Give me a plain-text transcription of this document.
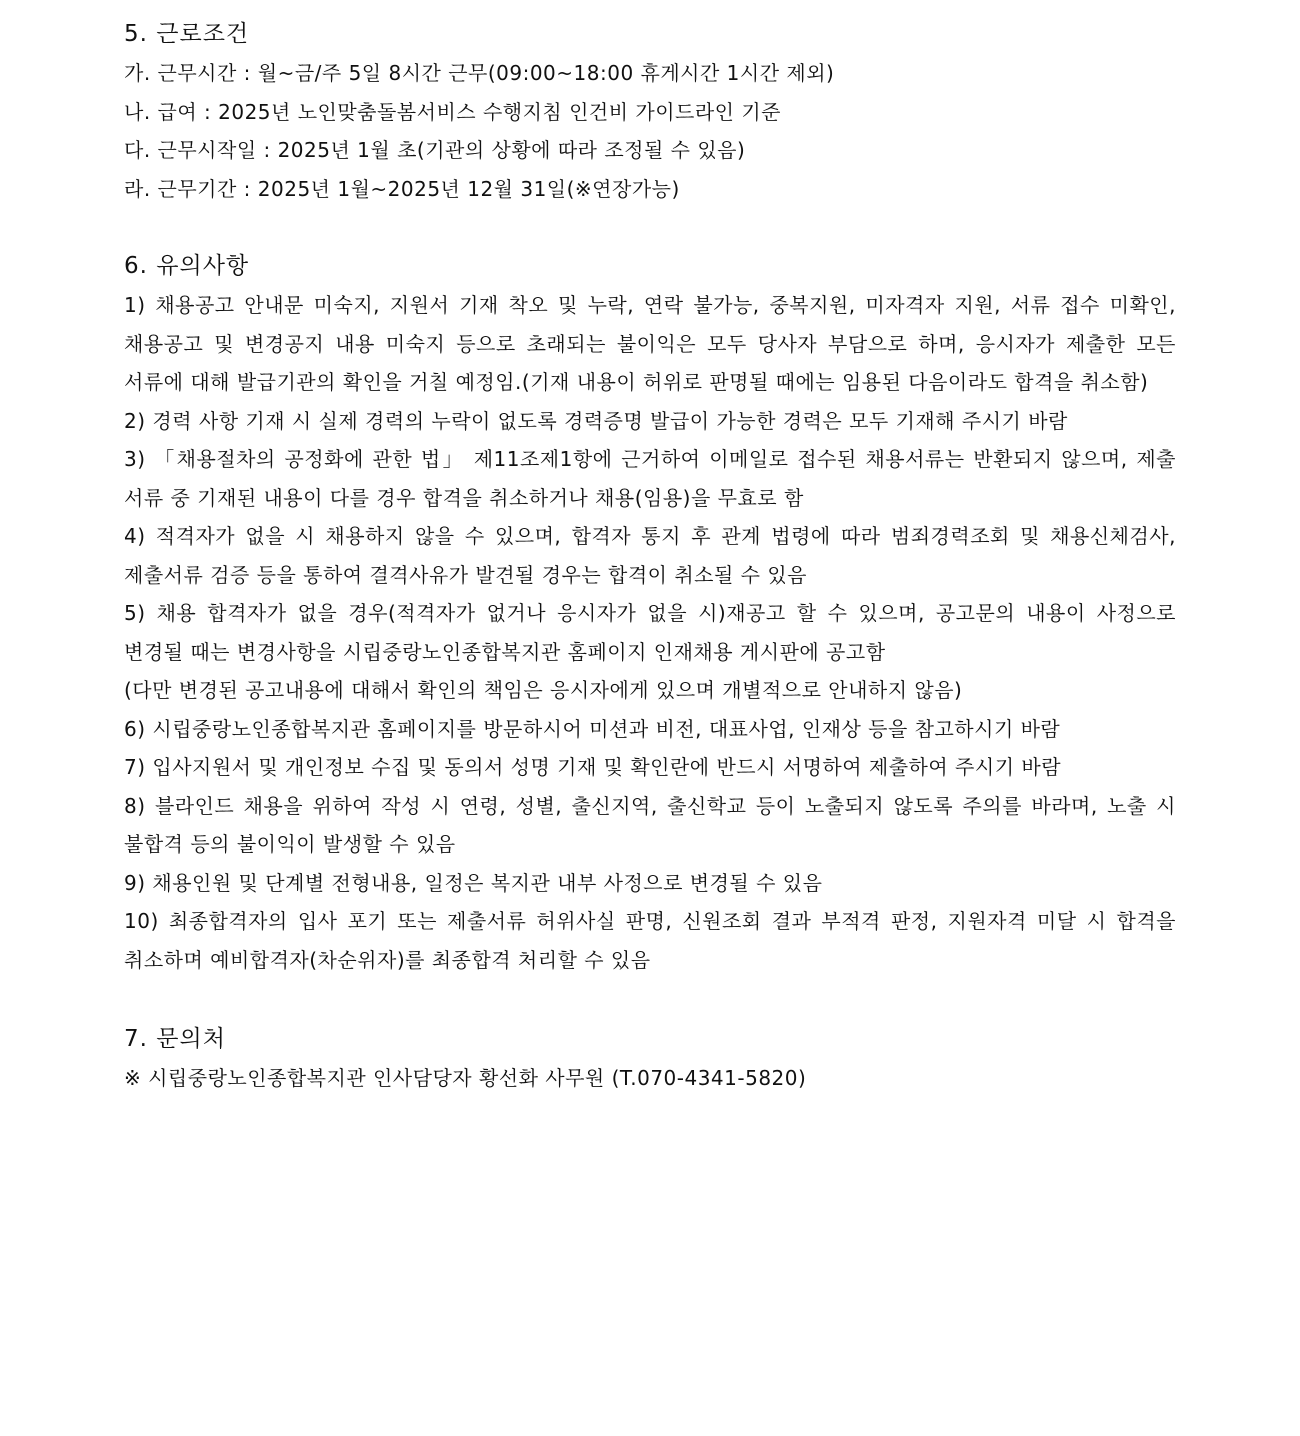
5. 근로조건

가. 근무시간 : 월~금/주 5일 8시간 근무(09:00~18:00 휴게시간 1시간 제외)

나. 급여 : 2025년 노인맞춤돌봄서비스 수행지침 인건비 가이드라인 기준

다. 근무시작일 : 2025년 1월 초(기관의 상황에 따라 조정될 수 있음)

라. 근무기간 : 2025년 1월~2025년 12월 31일(※연장가능)

6. 유의사항

1) 채용공고 안내문 미숙지, 지원서 기재 착오 및 누락, 연락 불가능, 중복지원, 미자격자 지원, 서류 접수 미확인, 채용공고 및 변경공지 내용 미숙지 등으로 초래되는 불이익은 모두 당사자 부담으로 하며, 응시자가 제출한 모든 서류에 대해 발급기관의 확인을 거칠 예정임.(기재 내용이 허위로 판명될 때에는 임용된 다음이라도 합격을 취소함)

2) 경력 사항 기재 시 실제 경력의 누락이 없도록 경력증명 발급이 가능한 경력은 모두 기재해 주시기 바람

3) 「채용절차의 공정화에 관한 법」 제11조제1항에 근거하여 이메일로 접수된 채용서류는 반환되지 않으며, 제출 서류 중 기재된 내용이 다를 경우 합격을 취소하거나 채용(임용)을 무효로 함

4) 적격자가 없을 시 채용하지 않을 수 있으며, 합격자 통지 후 관계 법령에 따라 범죄경력조회 및 채용신체검사, 제출서류 검증 등을 통하여 결격사유가 발견될 경우는 합격이 취소될 수 있음

5) 채용 합격자가 없을 경우(적격자가 없거나 응시자가 없을 시)재공고 할 수 있으며, 공고문의 내용이 사정으로 변경될 때는 변경사항을 시립중랑노인종합복지관 홈페이지 인재채용 게시판에 공고함

(다만 변경된 공고내용에 대해서 확인의 책임은 응시자에게 있으며 개별적으로 안내하지 않음)

6) 시립중랑노인종합복지관 홈페이지를 방문하시어 미션과 비전, 대표사업, 인재상 등을 참고하시기 바람

7) 입사지원서 및 개인정보 수집 및 동의서 성명 기재 및 확인란에 반드시 서명하여 제출하여 주시기 바람

8) 블라인드 채용을 위하여 작성 시 연령, 성별, 출신지역, 출신학교 등이 노출되지 않도록 주의를 바라며, 노출 시 불합격 등의 불이익이 발생할 수 있음

9) 채용인원 및 단계별 전형내용, 일정은 복지관 내부 사정으로 변경될 수 있음

10) 최종합격자의 입사 포기 또는 제출서류 허위사실 판명, 신원조회 결과 부적격 판정, 지원자격 미달 시 합격을 취소하며 예비합격자(차순위자)를 최종합격 처리할 수 있음

7. 문의처

※ 시립중랑노인종합복지관 인사담당자 황선화 사무원 (T.070-4341-5820)
